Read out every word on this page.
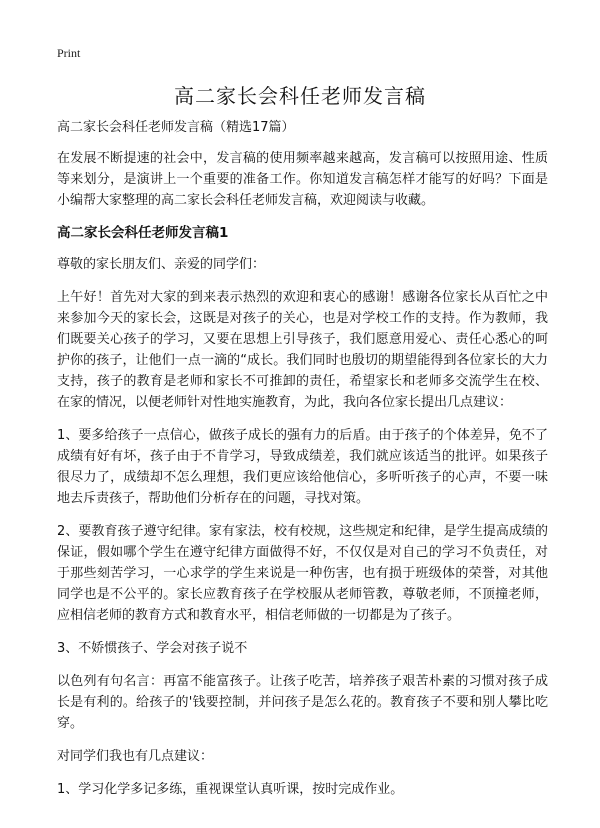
Print
高二家长会科任老师发言稿

高二家长会科任老师发言稿（精选17篇）

在发展不断提速的社会中，发言稿的使用频率越来越高，发言稿可以按照用途、性质等来划分，是演讲上一个重要的准备工作。你知道发言稿怎样才能写的好吗？下面是小编帮大家整理的高二家长会科任老师发言稿，欢迎阅读与收藏。

高二家长会科任老师发言稿1

尊敬的家长朋友们、亲爱的同学们：

上午好！首先对大家的到来表示热烈的欢迎和衷心的感谢！感谢各位家长从百忙之中来参加今天的家长会，这既是对孩子的关心，也是对学校工作的支持。作为教师，我们既要关心孩子的学习，又要在思想上引导孩子，我们愿意用爱心、责任心悉心的呵护你的孩子，让他们一点一滴的“成长。我们同时也殷切的期望能得到各位家长的大力支持，孩子的教育是老师和家长不可推卸的责任，希望家长和老师多交流学生在校、在家的情况，以便老师针对性地实施教育，为此，我向各位家长提出几点建议：

1、要多给孩子一点信心，做孩子成长的强有力的后盾。由于孩子的个体差异，免不了成绩有好有坏，孩子由于不肯学习，导致成绩差，我们就应该适当的批评。如果孩子很尽力了，成绩却不怎么理想，我们更应该给他信心，多听听孩子的心声，不要一味地去斥责孩子，帮助他们分析存在的问题，寻找对策。

2、要教育孩子遵守纪律。家有家法，校有校规，这些规定和纪律，是学生提高成绩的保证，假如哪个学生在遵守纪律方面做得不好，不仅仅是对自己的学习不负责任，对于那些刻苦学习，一心求学的学生来说是一种伤害，也有损于班级体的荣誉，对其他同学也是不公平的。家长应教育孩子在学校服从老师管教，尊敬老师，不顶撞老师，应相信老师的教育方式和教育水平，相信老师做的一切都是为了孩子。

3、不娇惯孩子、学会对孩子说不

以色列有句名言：再富不能富孩子。让孩子吃苦，培养孩子艰苦朴素的习惯对孩子成长是有利的。给孩子的'钱要控制，并问孩子是怎么花的。教育孩子不要和别人攀比吃穿。

对同学们我也有几点建议：

1、学习化学多记多练，重视课堂认真听课，按时完成作业。
